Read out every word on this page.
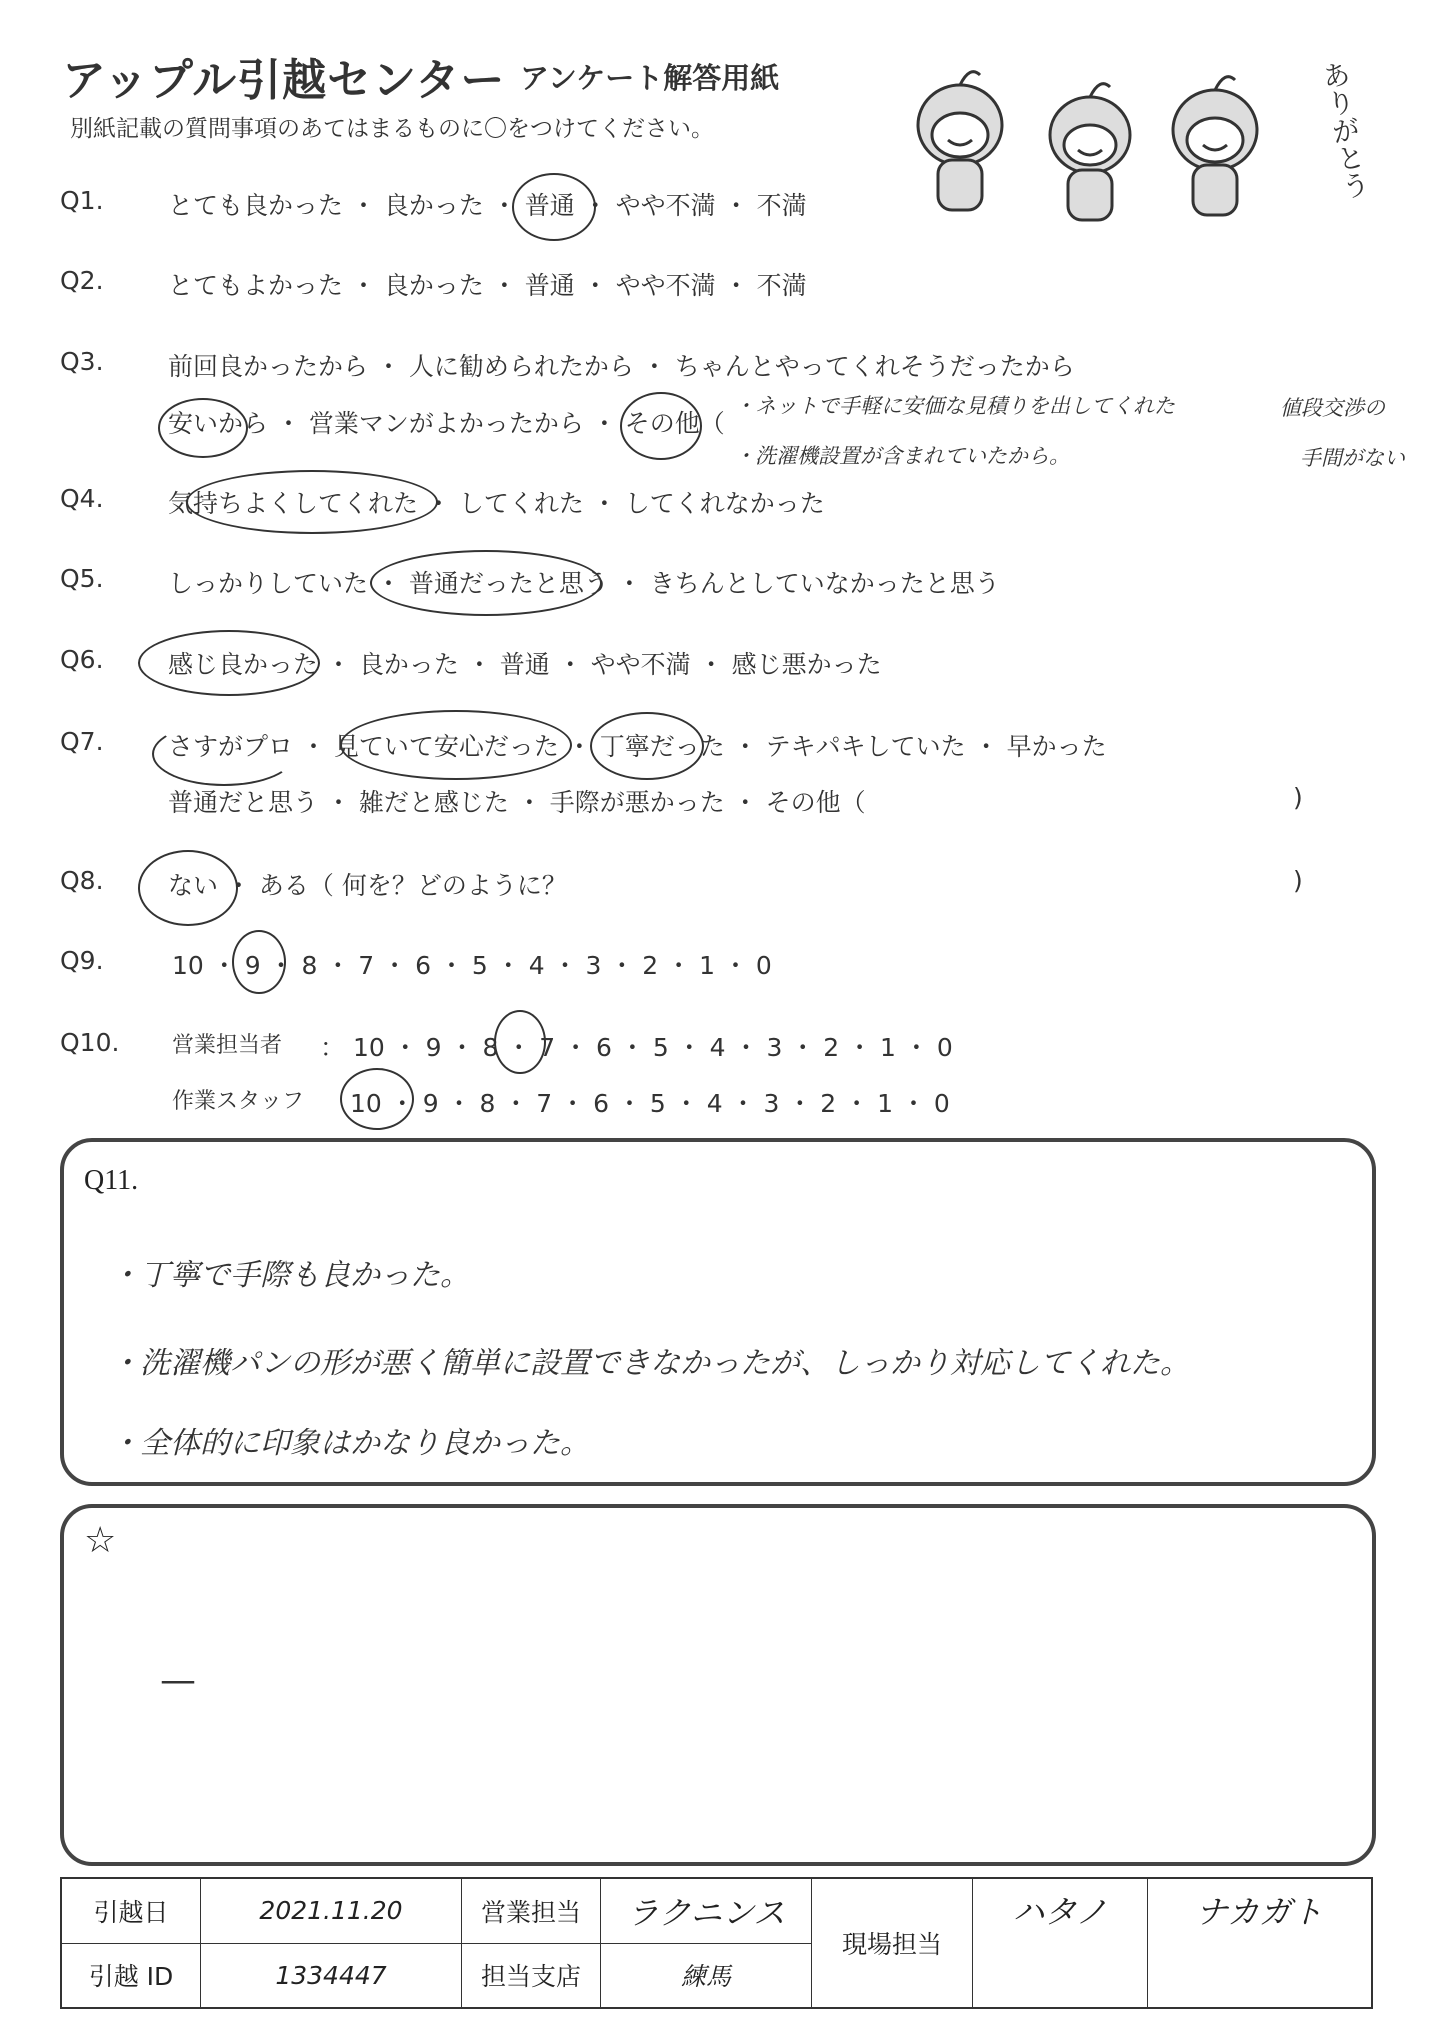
アップル引越センター アンケート解答用紙
別紙記載の質問事項のあてはまるものに〇をつけてください。	ありがとう
Q1.	とても良かった ・ 良かった ・ 普通 ・ やや不満 ・ 不満
Q2.	とてもよかった ・ 良かった ・ 普通 ・ やや不満 ・ 不満
Q3.	前回良かったから ・ 人に勧められたから ・ ちゃんとやってくれそうだったから
安いから ・ 営業マンがよかったから ・ その他（
・ネットで手軽に安価な見積りを出してくれた
・洗濯機設置が含まれていたから。
値段交渉の
手間がない
Q4.	気持ちよくしてくれた ・ してくれた ・ してくれなかった
Q5.	しっかりしていた ・ 普通だったと思う ・ きちんとしていなかったと思う
Q6.	感じ良かった ・ 良かった ・ 普通 ・ やや不満 ・ 感じ悪かった
Q7.	さすがプロ ・ 見ていて安心だった ・ 丁寧だった ・ テキパキしていた ・ 早かった
普通だと思う ・ 雑だと感じた ・ 手際が悪かった ・ その他（	)
Q8.	ない ・ ある（ 何を？どのように？	)
Q9.	10 ・ 9 ・ 8 ・ 7 ・ 6 ・ 5 ・ 4 ・ 3 ・ 2 ・ 1 ・ 0
Q10. 営業担当者 ： 10 ・ 9 ・ 8 ・ 7 ・ 6 ・ 5 ・ 4 ・ 3 ・ 2 ・ 1 ・ 0
作業スタッフ 10 ・ 9 ・ 8 ・ 7 ・ 6 ・ 5 ・ 4 ・ 3 ・ 2 ・ 1 ・ 0
Q11.
・丁寧で手際も良かった。
・洗濯機パンの形が悪く簡単に設置できなかったが、しっかり対応してくれた。
・全体的に印象はかなり良かった。
☆
—
引越日	2021.11.20	営業担当	ラクニンス	現場担当	ハタノ	ナカガト
引越 ID	1334447	担当支店	練馬			
